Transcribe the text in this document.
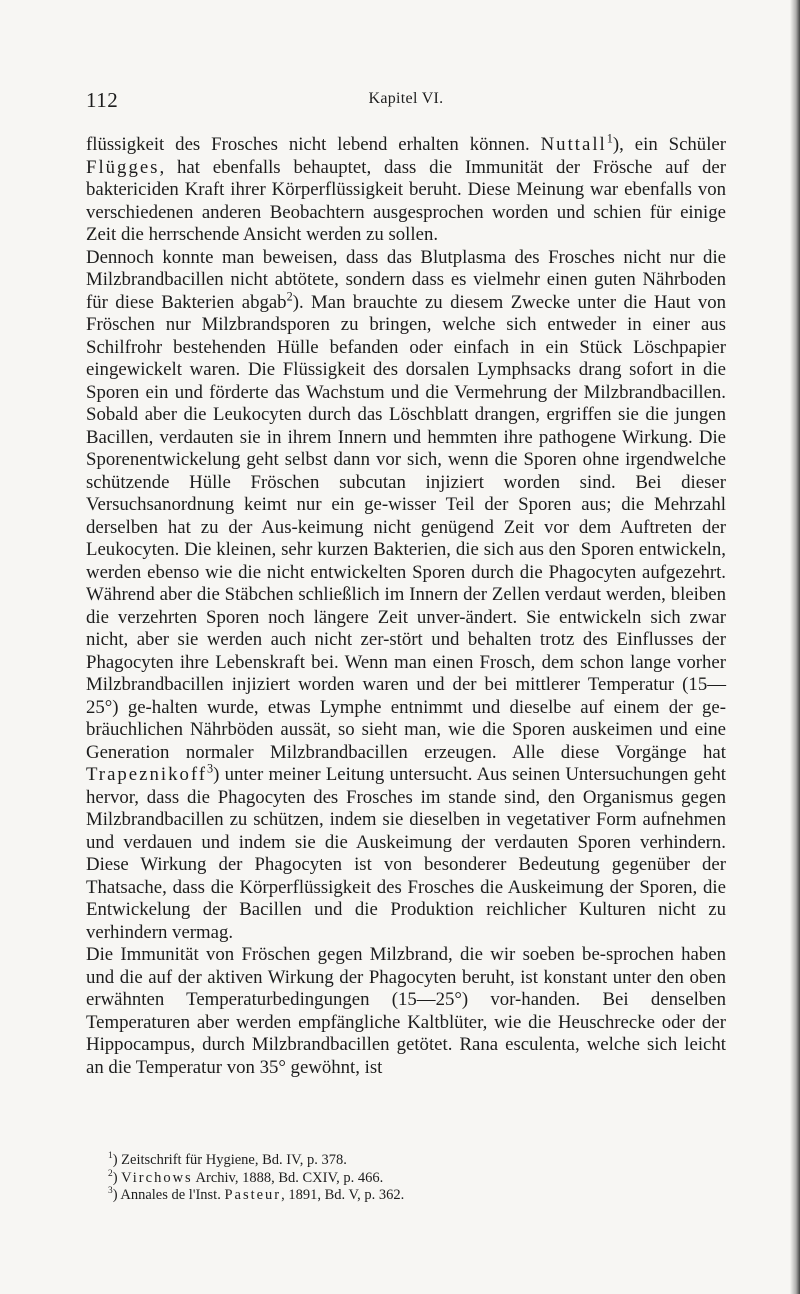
112	Kapitel VI.

flüssigkeit des Frosches nicht lebend erhalten können. Nuttall$^1$), ein Schüler Flügges, hat ebenfalls behauptet, dass die Immunität der Frösche auf der baktericiden Kraft ihrer Körperflüssigkeit beruht. Diese Meinung war ebenfalls von verschiedenen anderen Beobachtern ausgesprochen worden und schien für einige Zeit die herrschende Ansicht werden zu sollen.

Dennoch konnte man beweisen, dass das Blutplasma des Frosches nicht nur die Milzbrandbacillen nicht abtötete, sondern dass es vielmehr einen guten Nährboden für diese Bakterien abgab$^2$). Man brauchte zu diesem Zwecke unter die Haut von Fröschen nur Milzbrandsporen zu bringen, welche sich entweder in einer aus Schilfrohr bestehenden Hülle befanden oder einfach in ein Stück Löschpapier eingewickelt waren. Die Flüssigkeit des dorsalen Lymphsacks drang sofort in die Sporen ein und förderte das Wachstum und die Vermehrung der Milzbrandbacillen. Sobald aber die Leukocyten durch das Löschblatt drangen, ergriffen sie die jungen Bacillen, verdauten sie in ihrem Innern und hemmten ihre pathogene Wirkung. Die Sporenentwickelung geht selbst dann vor sich, wenn die Sporen ohne irgendwelche schützende Hülle Fröschen subcutan injiziert worden sind. Bei dieser Versuchsanordnung keimt nur ein ge-wisser Teil der Sporen aus; die Mehrzahl derselben hat zu der Aus-keimung nicht genügend Zeit vor dem Auftreten der Leukocyten. Die kleinen, sehr kurzen Bakterien, die sich aus den Sporen entwickeln, werden ebenso wie die nicht entwickelten Sporen durch die Phagocyten aufgezehrt. Während aber die Stäbchen schließlich im Innern der Zellen verdaut werden, bleiben die verzehrten Sporen noch längere Zeit unver-ändert. Sie entwickeln sich zwar nicht, aber sie werden auch nicht zer-stört und behalten trotz des Einflusses der Phagocyten ihre Lebenskraft bei. Wenn man einen Frosch, dem schon lange vorher Milzbrandbacillen injiziert worden waren und der bei mittlerer Temperatur (15—25°) ge-halten wurde, etwas Lymphe entnimmt und dieselbe auf einem der ge-bräuchlichen Nährböden aussät, so sieht man, wie die Sporen auskeimen und eine Generation normaler Milzbrandbacillen erzeugen. Alle diese Vorgänge hat Trapeznikoff$^3$) unter meiner Leitung untersucht. Aus seinen Untersuchungen geht hervor, dass die Phagocyten des Frosches im stande sind, den Organismus gegen Milzbrandbacillen zu schützen, indem sie dieselben in vegetativer Form aufnehmen und verdauen und indem sie die Auskeimung der verdauten Sporen verhindern. Diese Wirkung der Phagocyten ist von besonderer Bedeutung gegenüber der Thatsache, dass die Körperflüssigkeit des Frosches die Auskeimung der Sporen, die Entwickelung der Bacillen und die Produktion reichlicher Kulturen nicht zu verhindern vermag.

Die Immunität von Fröschen gegen Milzbrand, die wir soeben be-sprochen haben und die auf der aktiven Wirkung der Phagocyten beruht, ist konstant unter den oben erwähnten Temperaturbedingungen (15—25°) vor-handen. Bei denselben Temperaturen aber werden empfängliche Kaltblüter, wie die Heuschrecke oder der Hippocampus, durch Milzbrandbacillen getötet. Rana esculenta, welche sich leicht an die Temperatur von 35° gewöhnt, ist

$^1$) Zeitschrift für Hygiene, Bd. IV, p. 378.
$^2$) Virchows Archiv, 1888, Bd. CXIV, p. 466.
$^3$) Annales de l'Inst. Pasteur, 1891, Bd. V, p. 362.
